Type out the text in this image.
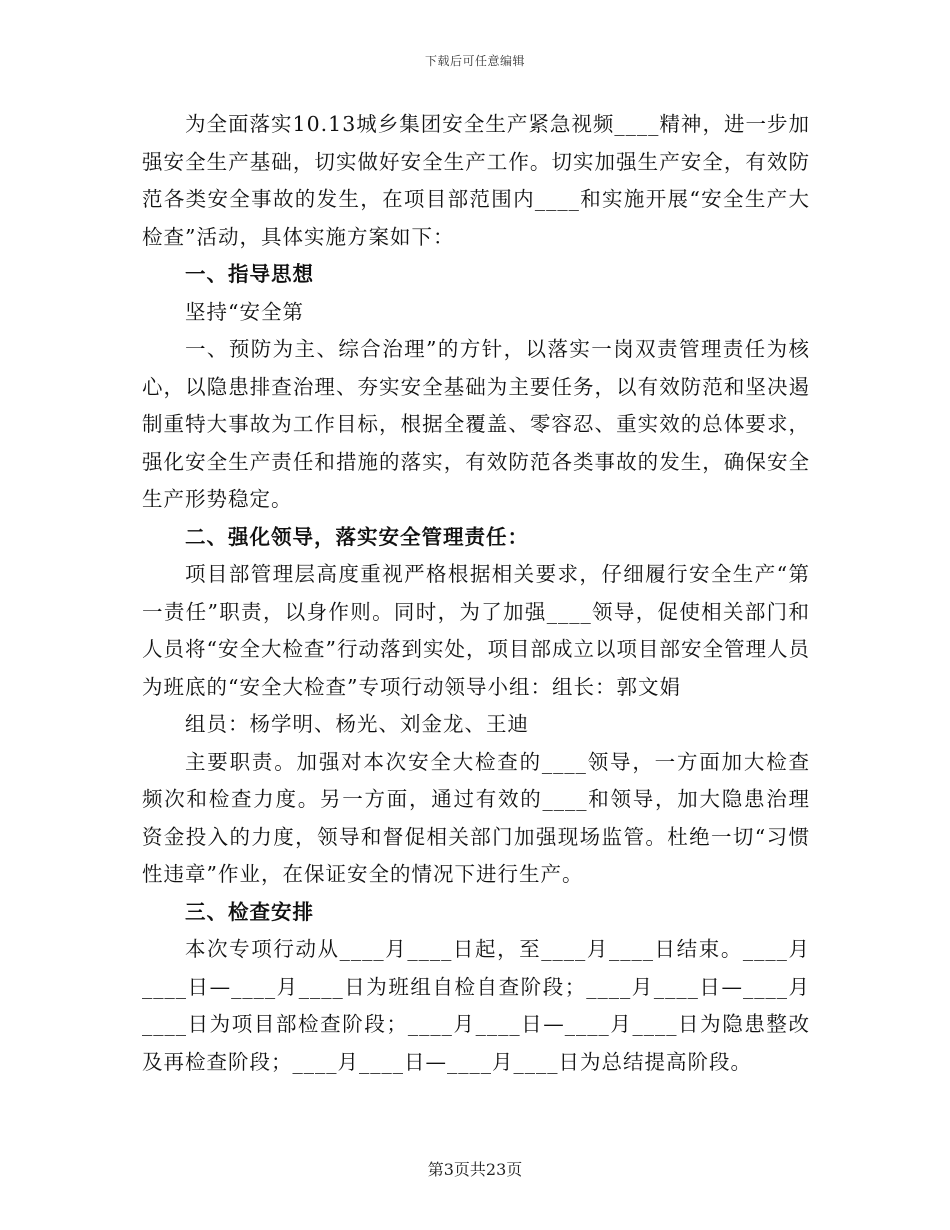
下载后可任意编辑

为全面落实10.13城乡集团安全生产紧急视频____精神，进一步加强安全生产基础，切实做好安全生产工作。切实加强生产安全，有效防范各类安全事故的发生，在项目部范围内____和实施开展“安全生产大检查”活动，具体实施方案如下：

一、指导思想

坚持“安全第

一、预防为主、综合治理”的方针，以落实一岗双责管理责任为核心，以隐患排查治理、夯实安全基础为主要任务，以有效防范和坚决遏制重特大事故为工作目标，根据全覆盖、零容忍、重实效的总体要求，强化安全生产责任和措施的落实，有效防范各类事故的发生，确保安全生产形势稳定。

二、强化领导，落实安全管理责任：

项目部管理层高度重视严格根据相关要求，仔细履行安全生产“第一责任”职责，以身作则。同时，为了加强____领导，促使相关部门和人员将“安全大检查”行动落到实处，项目部成立以项目部安全管理人员为班底的“安全大检查”专项行动领导小组：组长：郭文娟

组员：杨学明、杨光、刘金龙、王迪

主要职责。加强对本次安全大检查的____领导，一方面加大检查频次和检查力度。另一方面，通过有效的____和领导，加大隐患治理资金投入的力度，领导和督促相关部门加强现场监管。杜绝一切“习惯性违章”作业，在保证安全的情况下进行生产。

三、检查安排

本次专项行动从____月____日起，至____月____日结束。____月____日—____月____日为班组自检自查阶段；____月____日—____月____日为项目部检查阶段；____月____日—____月____日为隐患整改及再检查阶段；____月____日—____月____日为总结提高阶段。

第3页共23页
